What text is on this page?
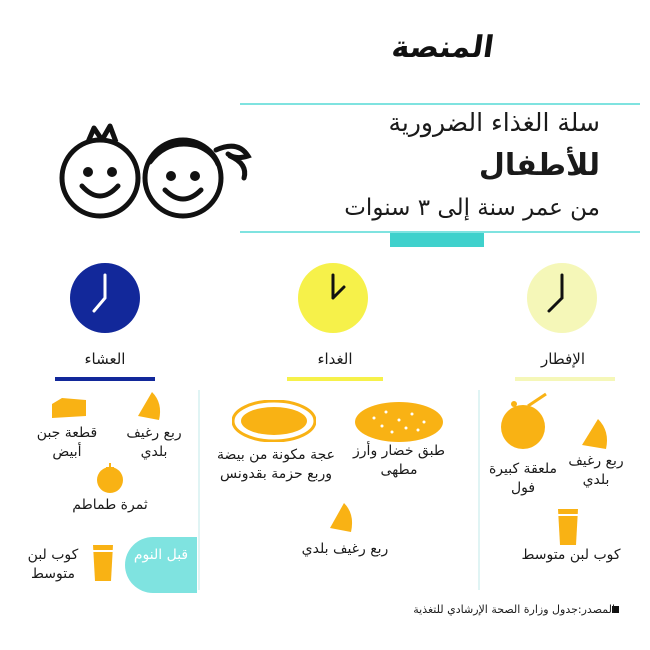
المنصة
سلة الغذاء الضرورية
للأطفال
من عمر سنة إلى ٣ سنوات
الإفطار
الغداء
العشاء
ربع رغيف بلدي
ملعقة كبيرة فول
كوب لبن متوسط
طبق خضار وأرز مطهى
عجة مكونة من بيضة وربع حزمة بقدونس
ربع رغيف بلدي
ربع رغيف بلدي
قطعة جبن أبيض
ثمرة طماطم
كوب لبن متوسط
قبل النوم
المصدر:جدول وزارة الصحة الإرشادي للتغذية
